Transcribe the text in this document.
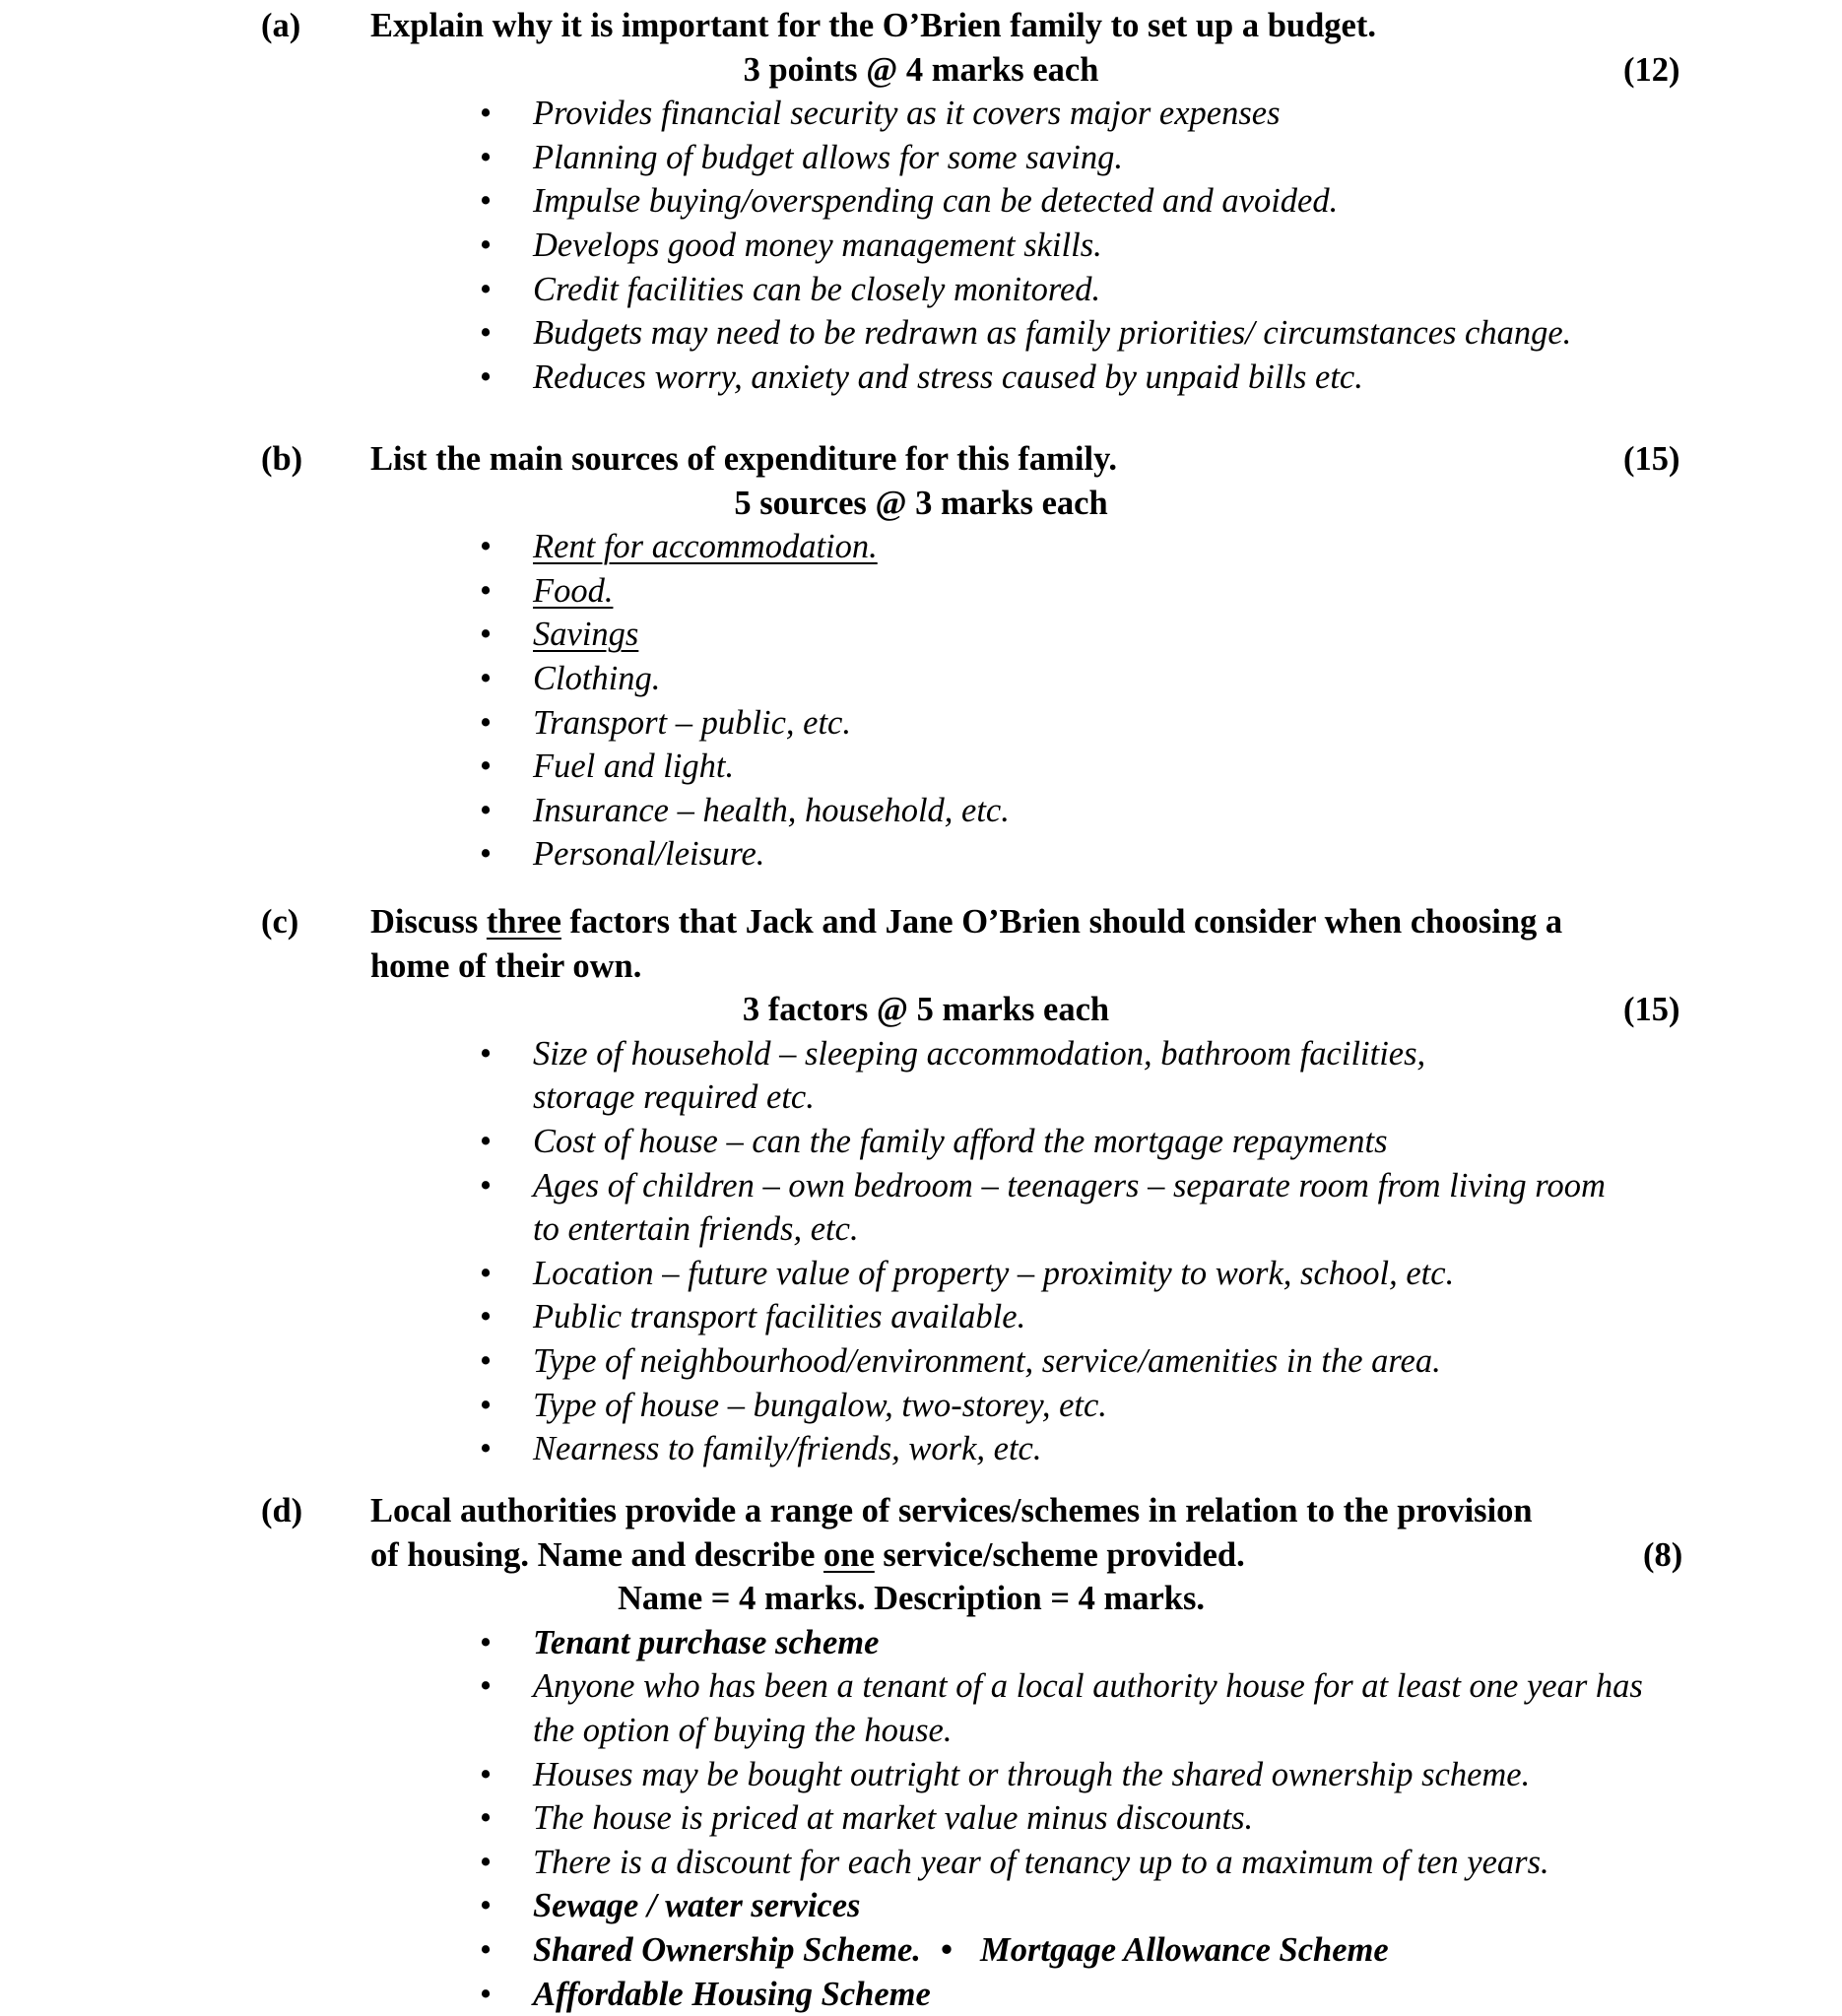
(a) Explain why it is important for the O’Brien family to set up a budget.
3 points @ 4 marks each	(12)
• Provides financial security as it covers major expenses
• Planning of budget allows for some saving.
• Impulse buying/overspending can be detected and avoided.
• Develops good money management skills.
• Credit facilities can be closely monitored.
• Budgets may need to be redrawn as family priorities/ circumstances change.
• Reduces worry, anxiety and stress caused by unpaid bills etc.
(b)	(15)
List the main sources of expenditure for this family.
5 sources @ 3 marks each
• Rent for accommodation.
• Food.
• Savings
• Clothing.
• Transport – public, etc.
• Fuel and light.
• Insurance – health, household, etc.
• Personal/leisure.
(c) Discuss three factors that Jack and Jane O’Brien should consider when choosing a home of their own.
3 factors @ 5 marks each	(15)
• Size of household – sleeping accommodation, bathroom facilities, storage required etc.
• Cost of house – can the family afford the mortgage repayments
• Ages of children – own bedroom – teenagers – separate room from living room to entertain friends, etc.
• Location – future value of property – proximity to work, school, etc.
• Public transport facilities available.
• Type of neighbourhood/environment, service/amenities in the area.
• Type of house – bungalow, two-storey, etc.
• Nearness to family/friends, work, etc.
(d) Local authorities provide a range of services/schemes in relation to the provision
of housing. Name and describe one service/scheme provided.	(8)
Name = 4 marks. Description = 4 marks.
• Tenant purchase scheme
• Anyone who has been a tenant of a local authority house for at least one year has the option of buying the house.
• Houses may be bought outright or through the shared ownership scheme.
• The house is priced at market value minus discounts.
• There is a discount for each year of tenancy up to a maximum of ten years.
• Sewage / water services
• Shared Ownership Scheme. • Mortgage Allowance Scheme
• Affordable Housing Scheme
